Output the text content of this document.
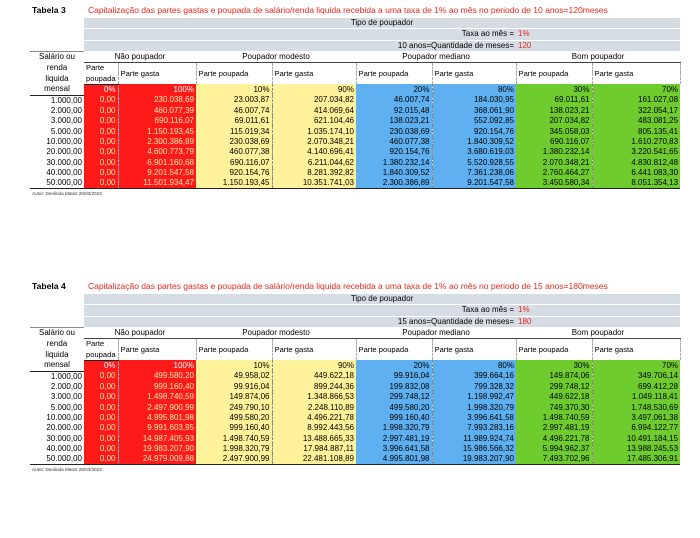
Tabela 3	Capitalização das partes gastas e poupada de salário/renda liquida recebida a uma taxa de 1% ao mês no periodo de 10 anos=120meses
	Tipo de poupador							
	Taxa ao mês =						1%	
	10 anos=Quantidade de meses=						120	
Salário ou	Não poupador		Poupador modesto		Poupador mediano		Bom poupador	
renda	Parte	Parte gasta	Parte poupada	Parte gasta	Parte poupada	Parte gasta	Parte poupada	Parte gasta
liquida	poupada							
mensal	0%	100%	10%	90%	20%	80%	30%	70%
1.000,00	0,00	230.038,69	23.003,87	207.034,82	46.007,74	184.030,95	69.011,61	161.027,08
2.000,00	0,00	460.077,39	46.007,74	414.069,64	92.015,48	368.061,90	138.023,21	322.054,17
3.000,00	0,00	690.116,07	69.011,61	621.104,46	138.023,21	552.092,85	207.034,82	483.081,25
5.000,00	0,00	1.150.193,45	115.019,34	1.035.174,10	230.038,69	920.154,76	345.058,03	805.135,41
10.000,00	0,00	2.300.386,89	230.038,69	2.070.348,21	460.077,38	1.840.309,52	690.116,07	1.610.270,83
20.000,00	0,00	4.600.773,79	460.077,38	4.140.696,41	920.154,76	3.680.619,03	1.380.232,14	3.220.541,65
30.000,00	0,00	6.901.160,68	690.116,07	6.211.044,62	1.380.232,14	5.520.928,55	2.070.348,21	4.830.812,48
40.000,00	0,00	9.201.547,58	920.154,76	8.281.392,82	1.840.309,52	7.361.238,06	2.760.464,27	6.441.083,30
50.000,00	0,00	11.501.934,47	1.150.193,45	10.351.741,03	2.300.386,89	9.201.547,58	3.450.580,34	8.051.354,13
Autor: Deolinda Matos 29/03/2023
Tabela 4	Capitalização das partes gastas e poupada de salário/renda liquida recebida a uma taxa de 1% ao mês no periodo de 15 anos=180meses
	Tipo de poupador							
	Taxa ao mês =						1%	
	15 anos=Quantidade de meses=						180	
Salário ou	Não poupador		Poupador modesto		Poupador mediano		Bom poupador	
renda	Parte	Parte gasta	Parte poupada	Parte gasta	Parte poupada	Parte gasta	Parte poupada	Parte gasta
liquida	poupada							
mensal	0%	100%	10%	90%	20%	80%	30%	70%
1.000,00	0,00	499.580,20	49.958,02	449.622,18	99.916,04	399.664,16	149.874,06	349.706,14
2.000,00	0,00	999.160,40	99.916,04	899.244,36	199.832,08	799.328,32	299.748,12	699.412,28
3.000,00	0,00	1.498.740,59	149.874,06	1.348.866,53	299.748,12	1.198.992,47	449.622,18	1.049.118,41
5.000,00	0,00	2.497.900,99	249.790,10	2.248.110,89	499.580,20	1.998.320,79	749.370,30	1.748.530,69
10.000,00	0,00	4.995.801,98	499.580,20	4.496.221,78	999.160,40	3.996.641,58	1.498.740,59	3.497.061,38
20.000,00	0,00	9.991.603,95	999.160,40	8.992.443,56	1.998.320,79	7.993.283,16	2.997.481,19	6.994.122,77
30.000,00	0,00	14.987.405,93	1.498.740,59	13.488.665,33	2.997.481,19	11.989.924,74	4.496.221,78	10.491.184,15
40.000,00	0,00	19.983.207,90	1.998.320,79	17.984.887,11	3.996.641,58	15.986.566,32	5.994.962,37	13.988.245,53
50.000,00	0,00	24.979.009,88	2.497.900,99	22.481.108,89	4.995.801,98	19.983.207,90	7.493.702,96	17.485.306,91
Autor: Deolinda Matos 29/03/2023
